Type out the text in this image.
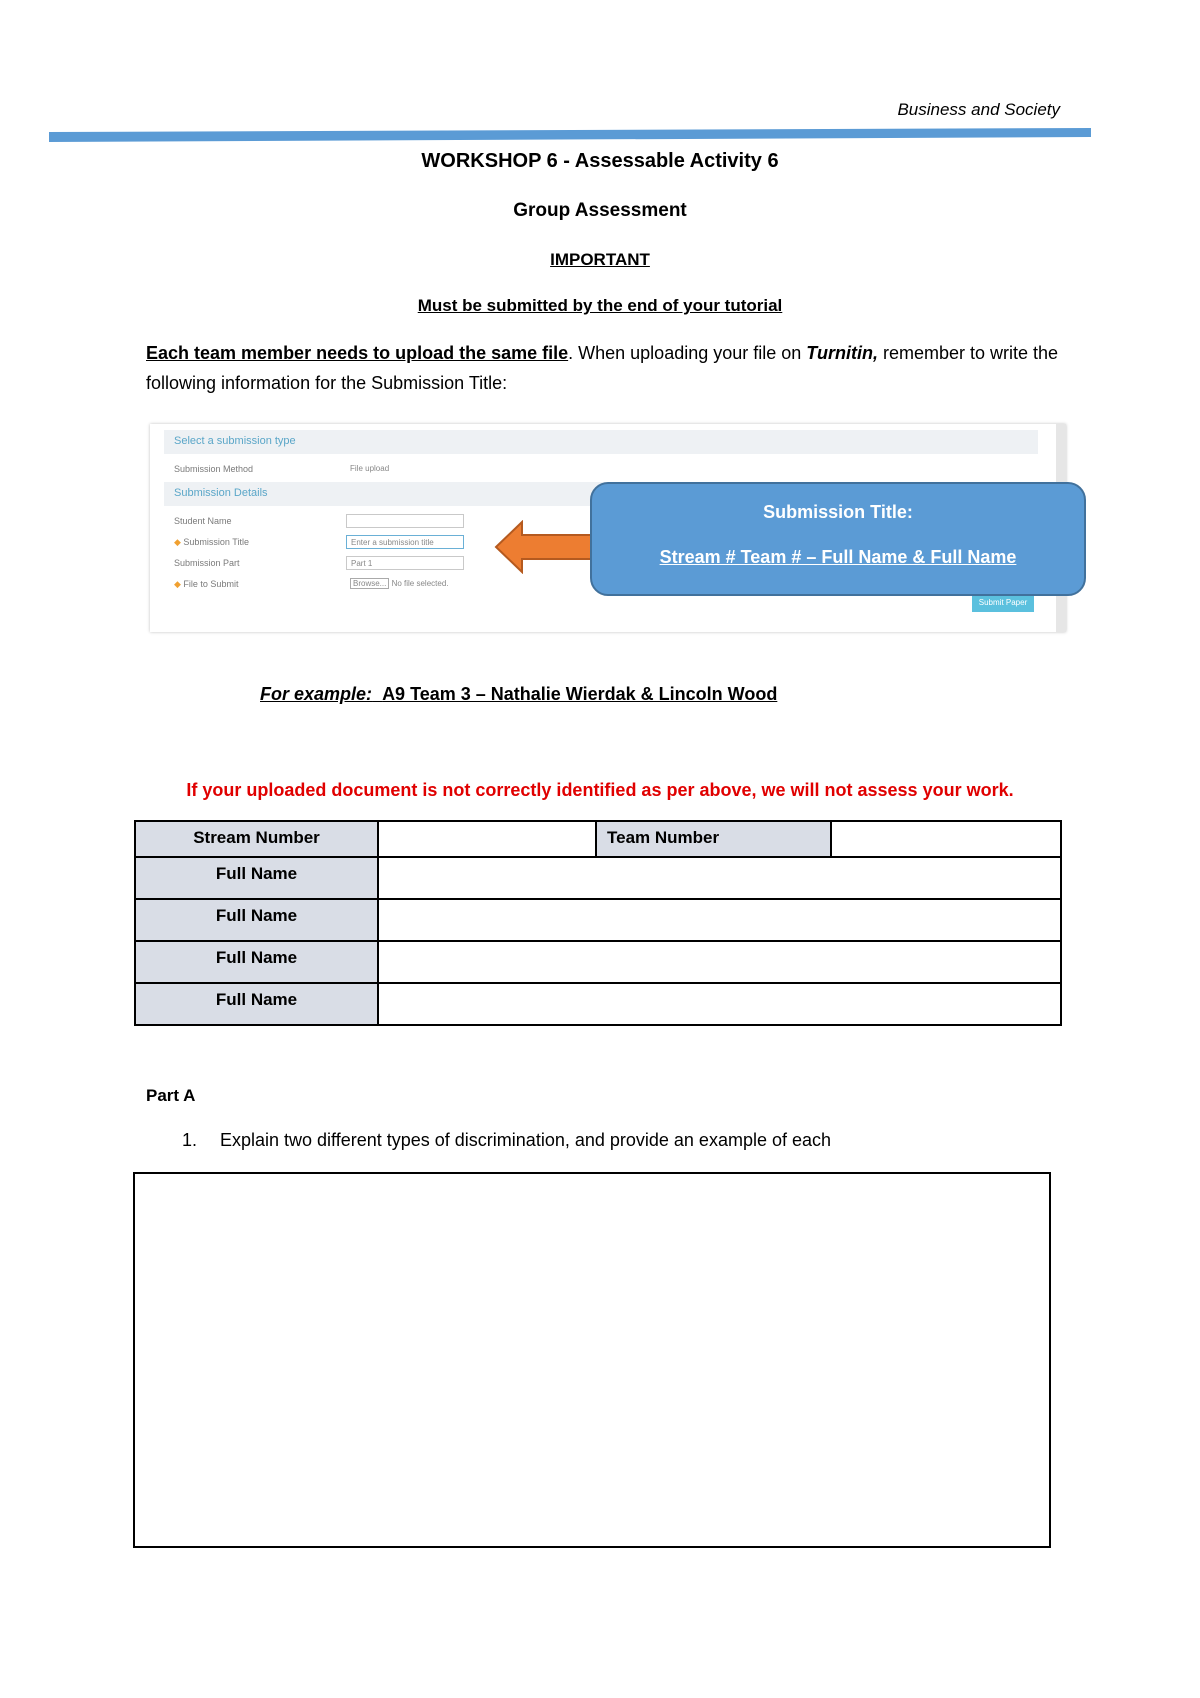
Business and Society
WORKSHOP 6 - Assessable Activity 6
Group Assessment
IMPORTANT
Must be submitted by the end of your tutorial
Each team member needs to upload the same file. When uploading your file on Turnitin, remember to write the following information for the Submission Title:
Select a submission type
Submission Method	File upload
Submission Details
Student Name
◆ Submission Title	Enter a submission title
Submission Part	Part 1
◆ File to Submit	Browse... No file selected.
Submit Paper
Submission Title:
Stream # Team # – Full Name & Full Name
For example: A9 Team 3 – Nathalie Wierdak & Lincoln Wood
If your uploaded document is not correctly identified as per above, we will not assess your work.
Stream Number		Team Number	
Full Name			
Full Name			
Full Name			
Full Name			
Part A
1. Explain two different types of discrimination, and provide an example of each
